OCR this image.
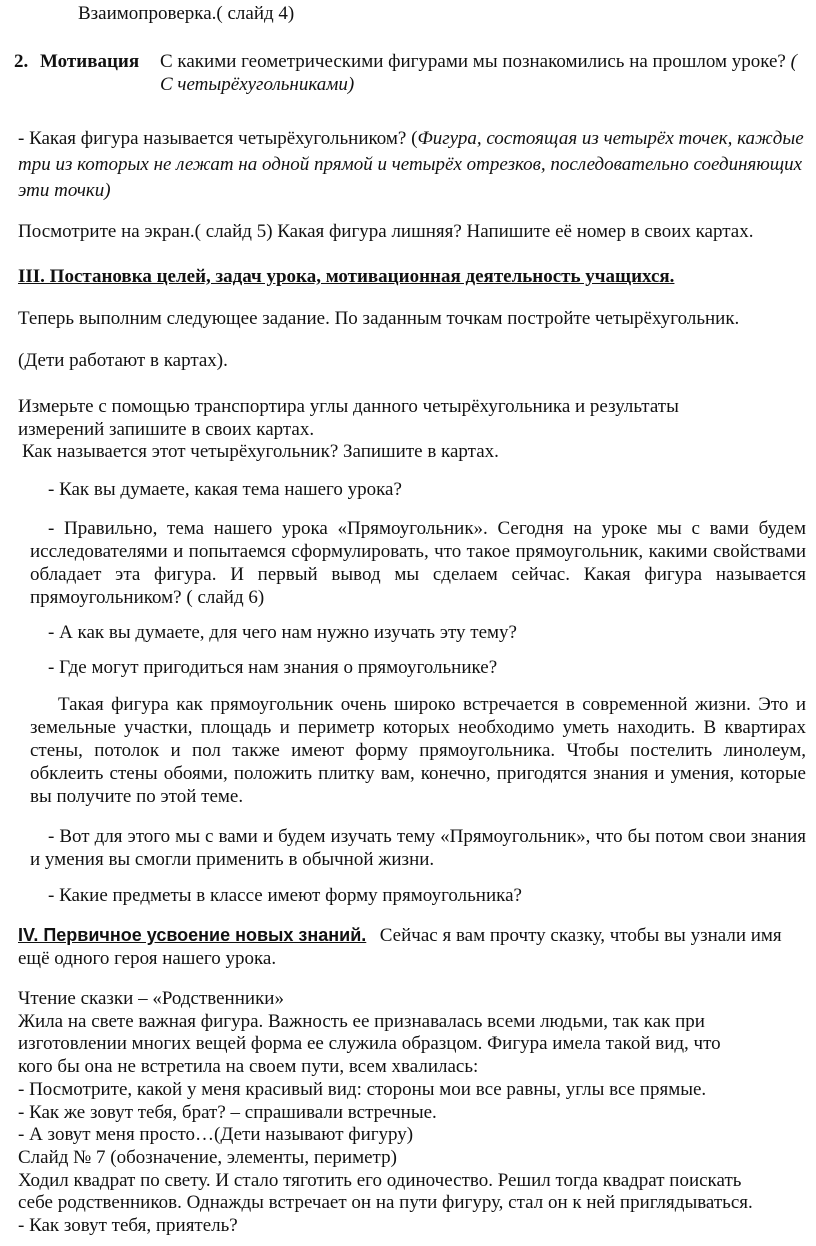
Взаимопроверка.( слайд 4)
2. Мотивация С какими геометрическими фигурами мы познакомились на прошлом уроке? ( С четырёхугольниками)
- Какая фигура называется четырёхугольником? (Фигура, состоящая из четырёх точек, каждые три из которых не лежат на одной прямой и четырёх отрезков, последовательно соединяющих эти точки)
Посмотрите на экран.( слайд 5) Какая фигура лишняя? Напишите её номер в своих картах.
III. Постановка целей, задач урока, мотивационная деятельность учащихся.
Теперь выполним следующее задание. По заданным точкам постройте четырёхугольник.
(Дети работают в картах).
Измерьте с помощью транспортира углы данного четырёхугольника и результаты измерений запишите в своих картах.
Как называется этот четырёхугольник? Запишите в картах.
- Как вы думаете, какая тема нашего урока?
- Правильно, тема нашего урока «Прямоугольник». Сегодня на уроке мы с вами будем исследователями и попытаемся сформулировать, что такое прямоугольник, какими свойствами обладает эта фигура. И первый вывод мы сделаем сейчас. Какая фигура называется прямоугольником? ( слайд 6)
- А как вы думаете, для чего нам нужно изучать эту тему?
- Где могут пригодиться нам знания о прямоугольнике?
Такая фигура как прямоугольник очень широко встречается в современной жизни. Это и земельные участки, площадь и периметр которых необходимо уметь находить. В квартирах стены, потолок и пол также имеют форму прямоугольника. Чтобы постелить линолеум, обклеить стены обоями, положить плитку вам, конечно, пригодятся знания и умения, которые вы получите по этой теме.
- Вот для этого мы с вами и будем изучать тему «Прямоугольник», что бы потом свои знания и умения вы смогли применить в обычной жизни.
- Какие предметы в классе имеют форму прямоугольника?
IV. Первичное усвоение новых знаний. Сейчас я вам прочту сказку, чтобы вы узнали имя ещё одного героя нашего урока.
Чтение сказки – «Родственники»
Жила на свете важная фигура. Важность ее признавалась всеми людьми, так как при
изготовлении многих вещей форма ее служила образцом. Фигура имела такой вид, что
кого бы она не встретила на своем пути, всем хвалилась:
- Посмотрите, какой у меня красивый вид: стороны мои все равны, углы все прямые.
- Как же зовут тебя, брат? – спрашивали встречные.
- А зовут меня просто…(Дети называют фигуру)
Слайд № 7 (обозначение, элементы, периметр)
Ходил квадрат по свету. И стало тяготить его одиночество. Решил тогда квадрат поискать
себе родственников. Однажды встречает он на пути фигуру, стал он к ней приглядываться.
- Как зовут тебя, приятель?
